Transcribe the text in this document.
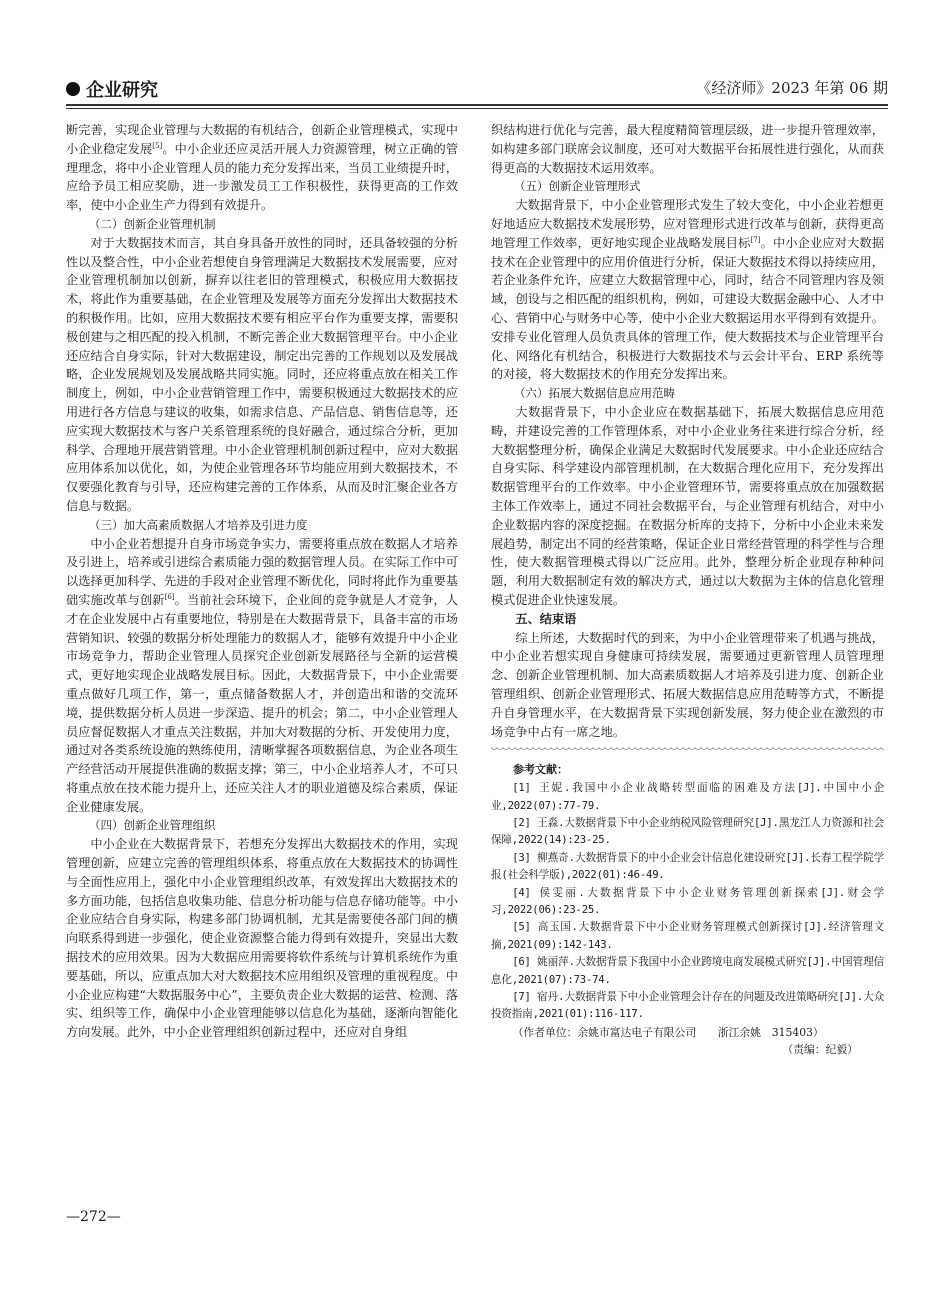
企业研究	《经济师》2023 年第 06 期

断完善，实现企业管理与大数据的有机结合，创新企业管理模式，实现中小企业稳定发展[5]。中小企业还应灵活开展人力资源管理，树立正确的管理理念，将中小企业管理人员的能力充分发挥出来，当员工业绩提升时，应给予员工相应奖励，进一步激发员工工作积极性，获得更高的工作效率，使中小企业生产力得到有效提升。

（二）创新企业管理机制

对于大数据技术而言，其自身具备开放性的同时，还具备较强的分析性以及整合性，中小企业若想使自身管理满足大数据技术发展需要，应对企业管理机制加以创新，摒弃以往老旧的管理模式，积极应用大数据技术，将此作为重要基础，在企业管理及发展等方面充分发挥出大数据技术的积极作用。比如，应用大数据技术要有相应平台作为重要支撑，需要积极创建与之相匹配的投入机制，不断完善企业大数据管理平台。中小企业还应结合自身实际，针对大数据建设，制定出完善的工作规划以及发展战略，企业发展规划及发展战略共同实施。同时，还应将重点放在相关工作制度上，例如，中小企业营销管理工作中，需要积极通过大数据技术的应用进行各方信息与建议的收集，如需求信息、产品信息、销售信息等，还应实现大数据技术与客户关系管理系统的良好融合，通过综合分析，更加科学、合理地开展营销管理。中小企业管理机制创新过程中，应对大数据应用体系加以优化，如，为使企业管理各环节均能应用到大数据技术，不仅要强化教育与引导，还应构建完善的工作体系，从而及时汇聚企业各方信息与数据。

（三）加大高素质数据人才培养及引进力度

中小企业若想提升自身市场竞争实力，需要将重点放在数据人才培养及引进上，培养或引进综合素质能力强的数据管理人员。在实际工作中可以选择更加科学、先进的手段对企业管理不断优化，同时将此作为重要基础实施改革与创新[6]。当前社会环境下，企业间的竞争就是人才竞争，人才在企业发展中占有重要地位，特别是在大数据背景下，具备丰富的市场营销知识、较强的数据分析处理能力的数据人才，能够有效提升中小企业市场竞争力，帮助企业管理人员探究企业创新发展路径与全新的运营模式，更好地实现企业战略发展目标。因此，大数据背景下，中小企业需要重点做好几项工作，第一，重点储备数据人才，并创造出和谐的交流环境，提供数据分析人员进一步深造、提升的机会；第二，中小企业管理人员应督促数据人才重点关注数据，并加大对数据的分析、开发使用力度，通过对各类系统设施的熟练使用，清晰掌握各项数据信息，为企业各项生产经营活动开展提供准确的数据支撑；第三，中小企业培养人才，不可只将重点放在技术能力提升上，还应关注人才的职业道德及综合素质，保证企业健康发展。

（四）创新企业管理组织

中小企业在大数据背景下，若想充分发挥出大数据技术的作用，实现管理创新，应建立完善的管理组织体系，将重点放在大数据技术的协调性与全面性应用上，强化中小企业管理组织改革，有效发挥出大数据技术的多方面功能，包括信息收集功能、信息分析功能与信息存储功能等。中小企业应结合自身实际，构建多部门协调机制，尤其是需要使各部门间的横向联系得到进一步强化，使企业资源整合能力得到有效提升，突显出大数据技术的应用效果。因为大数据应用需要将软件系统与计算机系统作为重要基础，所以，应重点加大对大数据技术应用组织及管理的重视程度。中小企业应构建“大数据服务中心”，主要负责企业大数据的运营、检测、落实、组织等工作，确保中小企业管理能够以信息化为基础，逐渐向智能化方向发展。此外，中小企业管理组织创新过程中，还应对自身组

织结构进行优化与完善，最大程度精简管理层级，进一步提升管理效率，如构建多部门联席会议制度，还可对大数据平台拓展性进行强化，从而获得更高的大数据技术运用效率。

（五）创新企业管理形式

大数据背景下，中小企业管理形式发生了较大变化，中小企业若想更好地适应大数据技术发展形势，应对管理形式进行改革与创新，获得更高地管理工作效率，更好地实现企业战略发展目标[7]。中小企业应对大数据技术在企业管理中的应用价值进行分析，保证大数据技术得以持续应用，若企业条件允许，应建立大数据管理中心，同时，结合不同管理内容及领域，创设与之相匹配的组织机构，例如，可建设大数据金融中心、人才中心、营销中心与财务中心等，使中小企业大数据运用水平得到有效提升。安排专业化管理人员负责具体的管理工作，使大数据技术与企业管理平台化、网络化有机结合，积极进行大数据技术与云会计平台、ERP 系统等的对接，将大数据技术的作用充分发挥出来。

（六）拓展大数据信息应用范畴

大数据背景下，中小企业应在数据基础下，拓展大数据信息应用范畴，并建设完善的工作管理体系，对中小企业业务往来进行综合分析，经大数据整理分析，确保企业满足大数据时代发展要求。中小企业还应结合自身实际、科学建设内部管理机制，在大数据合理化应用下，充分发挥出数据管理平台的工作效率。中小企业管理环节，需要将重点放在加强数据主体工作效率上，通过不同社会数据平台，与企业管理有机结合，对中小企业数据内容的深度挖掘。在数据分析库的支持下，分析中小企业未来发展趋势，制定出不同的经营策略，保证企业日常经营管理的科学性与合理性，使大数据管理模式得以广泛应用。此外，整理分析企业现存种种问题，利用大数据制定有效的解决方式，通过以大数据为主体的信息化管理模式促进企业快速发展。

五、结束语

综上所述，大数据时代的到来，为中小企业管理带来了机遇与挑战，中小企业若想实现自身健康可持续发展，需要通过更新管理人员管理理念、创新企业管理机制、加大高素质数据人才培养及引进力度、创新企业管理组织、创新企业管理形式、拓展大数据信息应用范畴等方式，不断提升自身管理水平，在大数据背景下实现创新发展，努力使企业在激烈的市场竞争中占有一席之地。

参考文献：

[1] 王妮.我国中小企业战略转型面临的困难及方法[J].中国中小企业,2022(07):77-79.

[2] 王淼.大数据背景下中小企业纳税风险管理研究[J].黑龙江人力资源和社会保障,2022(14):23-25.

[3] 柳燕奇.大数据背景下的中小企业会计信息化建设研究[J].长春工程学院学报(社会科学版),2022(01):46-49.

[4] 侯雯丽.大数据背景下中小企业财务管理创新探索[J].财会学习,2022(06):23-25.

[5] 高玉国.大数据背景下中小企业财务管理模式创新探讨[J].经济管理文摘,2021(09):142-143.

[6] 姚丽萍.大数据背景下我国中小企业跨境电商发展模式研究[J].中国管理信息化,2021(07):73-74.

[7] 宿丹.大数据背景下中小企业管理会计存在的问题及改进策略研究[J].大众投资指南,2021(01):116-117.

（作者单位：余姚市富达电子有限公司　　浙江余姚　315403）

（责编：纪毅）

—272—
